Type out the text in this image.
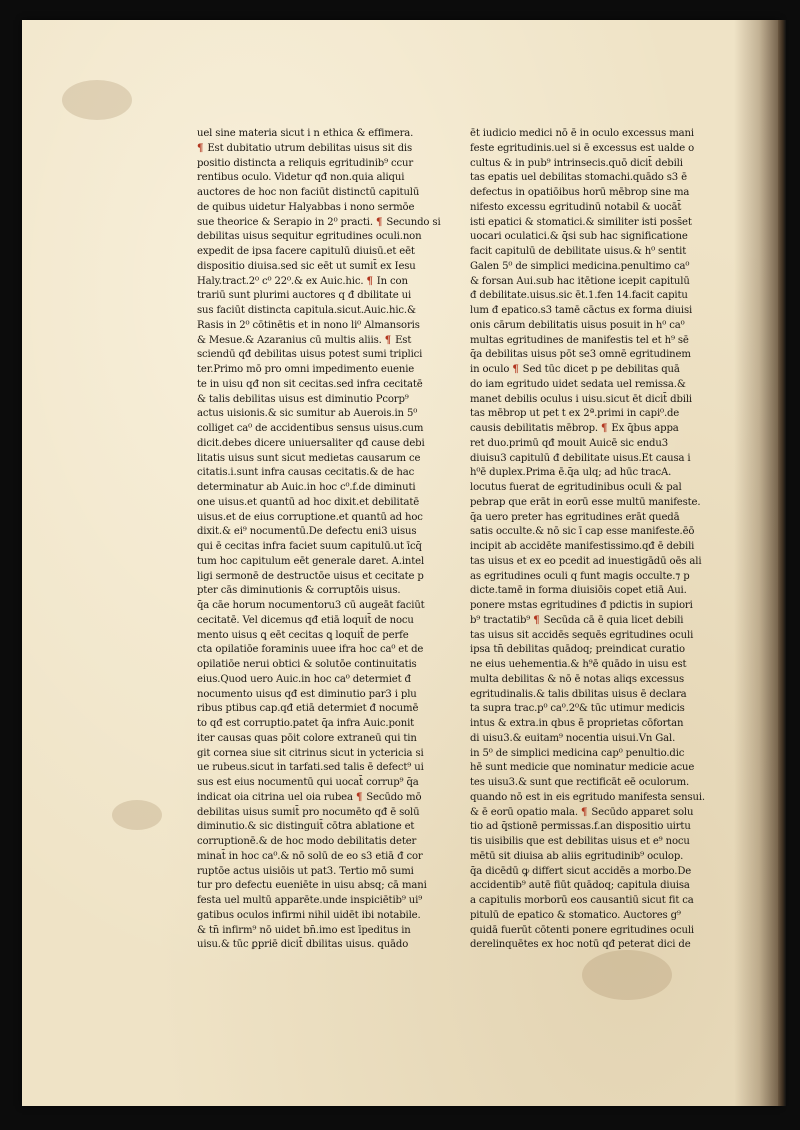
uel sine materia sicut i n ethica & effimera.
¶ Est dubitatio utrum debilitas uisus sit dis
positio distincta a reliquis egritudinib⁹ ccur
rentibus oculo. Videtur qđ non.quia aliqui
auctores de hoc non faciūt distinctū capitulū
de quibus uidetur Halyabbas i nono sermōe
sue theorice & Serapio in 2⁰ practi. ¶ Secundo si
debilitas uisus sequitur egritudines oculi.non
expedit de ipsa facere capitulū diuisū.et eēt
dispositio diuisa.sed sic eēt ut sumit̄ ex Iesu
Haly.tract.2⁰ c⁰ 22⁰.& ex Auic.hic. ¶ In con
trariū sunt plurimi auctores q đ dbilitate ui
sus faciūt distincta capitula.sicut.Auic.hic.&
Rasis in 2⁰ cōtinētis et in nono li⁰ Almansoris
& Mesue.& Azaranius cū multis aliis. ¶ Est
sciendū qđ debilitas uisus potest sumi triplici
ter.Primo mō pro omni impedimento euenie
te in uisu qđ non sit cecitas.sed infra cecitatē
& talis debilitas uisus est diminutio Pcorp⁹
actus uisionis.& sic sumitur ab Auerois.in 5⁰
colliget ca⁰ de accidentibus sensus uisus.cum
dicit.debes dicere uniuersaliter qđ cause debi
litatis uisus sunt sicut medietas causarum ce
citatis.i.sunt infra causas cecitatis.& de hac
determinatur ab Auic.in hoc c⁰.f.de diminuti
one uisus.et quantū ad hoc dixit.et debilitatē
uisus.et de eius corruptione.et quantū ad hoc
dixit.& ei⁹ nocumentū.De defectu eni3 uisus
qui ē cecitas infra faciet suum capitulū.ut īcq̄
tum hoc capitulum eēt generale daret. A.intel
ligi sermonē de destructōe uisus et cecitate p
pter cās diminutionis & corruptōis uisus.
q̄a cāe horum nocumentoru3 cū augeāt faciūt
cecitatē. Vel dicemus qđ etiā loquit̄ de nocu
mento uisus ꝗ eēt cecitas ꝗ loquit̄ de perfe
cta opilatiōe foraminis uuee ifra hoc ca⁰ et de
opilatiōe nerui obtici & solutōe continuitatis
eius.Quod uero Auic.in hoc ca⁰ determiet đ
nocumento uisus qđ est diminutio par3 i plu
ribus ptibus cap.qđ etiā determiet đ nocumē
to qđ est corruptio.patet q̄a infra Auic.ponit
iter causas quas pōit colore extraneū qui tin
git cornea siue sit citrinus sicut in yctericia si
ue rubeus.sicut in tarfati.sed talis ē defect⁹ ui
sus est eius nocumentū qui uocat̄ corrup⁹ q̄a
indicat oia citrina uel oia rubea ¶ Secūdo mō
debilitas uisus sumit̄ pro nocumēto qđ ē solū
diminutio.& sic distinguit̄ cōtra ablatione et
corruptionē.& de hoc modo debilitatis deter
minat̄ in hoc ca⁰.& nō solū de eo s3 etiā đ cor
ruptōe actus uisiōis ut pat3. Tertio mō sumi
tur pro defectu eueniēte in uisu absq; cā mani
festa uel multū apparēte.unde inspiciētib⁹ ui⁹
gatibus oculos infirmi nihil uidēt ibi notabile.
& tn̄ infirm⁹ nō uidet bn̄.imo est īpeditus in
uisu.& tūc ꝑpriē dicit̄ dbilitas uisus. quādo
ēt iudicio medici nō ē in oculo excessus mani
feste egritudinis.uel si ē excessus est ualde o
cultus & in pub⁹ intrinsecis.quō dicit̄ debili
tas epatis uel debilitas stomachi.quādo s3 ē
defectus in opatiōibus horū mēbrop sine ma
nifesto excessu egritudinū notabil & uocāt̄
isti epatici & stomatici.& similiter isti poss̄et
uocari oculatici.& q̄si sub hac significatione
facit capitulū de debilitate uisus.& h⁰ sentit
Galen 5⁰ de simplici medicina.penultimo ca⁰
& forsan Aui.sub hac itētione icepit capitulū
đ debilitate.uisus.sic ēt.1.fen 14.facit capitu
lum đ epatico.s3 tamē cāctus ex forma diuisi
onis cārum debilitatis uisus posuit in h⁰ ca⁰
multas egritudines de manifestis tel et h⁹ sē
q̄a debilitas uisus pōt se3 omnē egritudinem
in oculo ¶ Sed tūc dicet p pe debilitas quā
do iam egritudo uidet sedata uel remissa.&
manet debilis oculus i uisu.sicut ēt dicit̄ dbili
tas mēbrop ut pet t ex 2ª.primi in capi⁰.de
causis debilitatis mēbrop. ¶ Ex q̄bus appa
ret duo.primū qđ mouit Auicē sic endu3
diuisu3 capitulū đ debilitate uisus.Et causa i
h⁰ē duplex.Prima ē.q̄a ulq; ad hūc tracA.
locutus fuerat de egritudinibus oculi & pal
pebrap que erāt in eorū esse multū manifeste.
q̄a uero preter has egritudines erāt quedā
satis occulte.& nō sic ī cap esse manifeste.ēō
incipit ab accidēte manifestissimo.qđ ē debili
tas uisus et ex eo pcedit ad inuestigādū oēs ali
as egritudines oculi q funt magis occulte.⁊ p
dicte.tamē in forma diuisiōis copet etiā Aui.
ponere mstas egritudines đ pdictis in supiori
b⁹ tractatib⁹ ¶ Secūda cā ē quia licet debili
tas uisus sit accidēs sequēs egritudines oculi
ipsa tn̄ debilitas quādoq; preindicat curatio
ne eius uehementia.& h⁹ē quādo in uisu est
multa debilitas & nō ē notas aliqs excessus
egritudinalis.& talis dbilitas uisus ē declara
ta supra trac.p⁰ ca⁰.2⁰& tūc utimur medicis
intus & extra.in qbus ē proprietas cōfortan
di uisu3.& euitam⁹ nocentia uisui.Vn Gal.
in 5⁰ de simplici medicina cap⁰ penultio.dic
hē sunt medicie que nominatur medicie acue
tes uisu3.& sunt que rectificāt eē oculorum.
quando nō est in eis egritudo manifesta sensui.
& ē eorū opatio mala. ¶ Secūdo apparet solu
tio ad q̄stionē permissas.f.an dispositio uirtu
tis uisibilis que est debilitas uisus et e⁹ nocu
mētū sit diuisa ab aliis egritudinib⁹ oculop.
q̄a dicēdū ꝙ differt sicut accidēs a morbo.De
accidentib⁹ autē fiūt quādoq; capitula diuisa
a capitulis morborū eos causantiū sicut fit ca
pitulū de epatico & stomatico. Auctores g⁹
quidā fuerūt cōtenti ponere egritudines oculi
derelinquētes ex hoc notū qđ peterat dici de
